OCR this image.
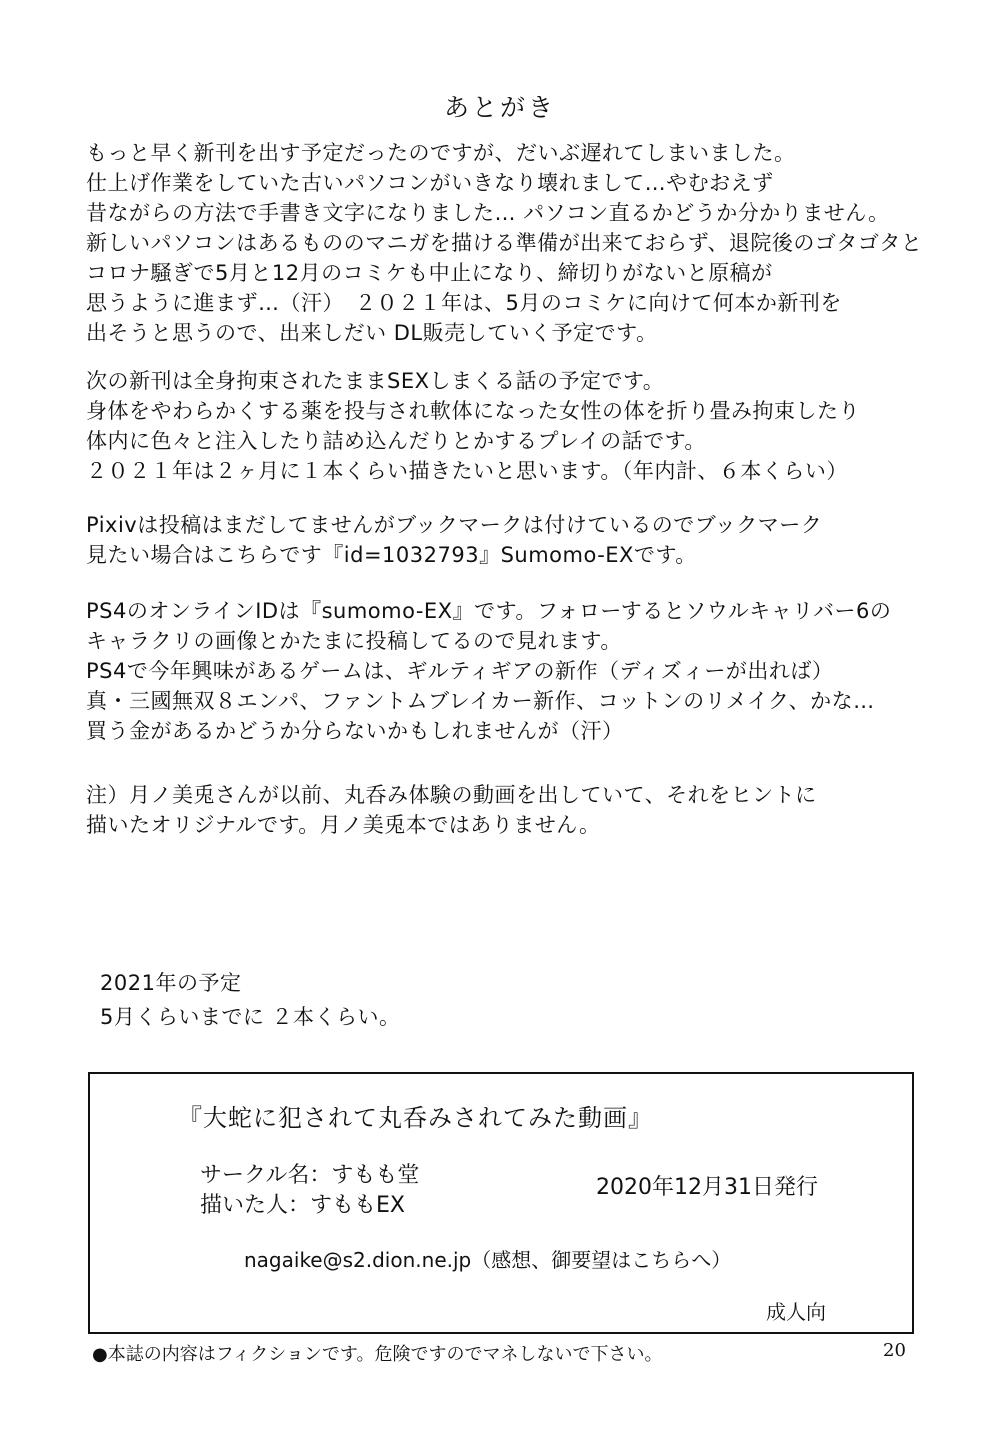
あとがき
もっと早く新刊を出す予定だったのですが、だいぶ遅れてしまいました。
仕上げ作業をしていた古いパソコンがいきなり壊れまして…やむおえず
昔ながらの方法で手書き文字になりました… パソコン直るかどうか分かりません。
新しいパソコンはあるもののマニガを描ける準備が出来ておらず、退院後のゴタゴタと
コロナ騒ぎで5月と12月のコミケも中止になり、締切りがないと原稿が
思うように進まず…（汗）　２０２１年は、5月のコミケに向けて何本か新刊を
出そうと思うので、出来しだい DL販売していく予定です。
次の新刊は全身拘束されたままSEXしまくる話の予定です。
身体をやわらかくする薬を投与され軟体になった女性の体を折り畳み拘束したり
体内に色々と注入したり詰め込んだりとかするプレイの話です。
２０２１年は２ヶ月に１本くらい描きたいと思います。（年内計、６本くらい）
Pixivは投稿はまだしてませんがブックマークは付けているのでブックマーク
見たい場合はこちらです『id=1032793』Sumomo-EXです。
PS4のオンラインIDは『sumomo-EX』です。フォローするとソウルキャリバー6の
キャラクリの画像とかたまに投稿してるので見れます。
PS4で今年興味があるゲームは、ギルティギアの新作（ディズィーが出れば）
真・三國無双８エンパ、ファントムブレイカー新作、コットンのリメイク、かな…
買う金があるかどうか分らないかもしれませんが（汗）
注）月ノ美兎さんが以前、丸呑み体験の動画を出していて、それをヒントに
描いたオリジナルです。月ノ美兎本ではありません。
2021年の予定
5月くらいまでに ２本くらい。
『大蛇に犯されて丸呑みされてみた動画』
サークル名：すもも堂
描いた人：すももEX
2020年12月31日発行
nagaike@s2.dion.ne.jp（感想、御要望はこちらへ）
成人向
●本誌の内容はフィクションです。危険ですのでマネしないで下さい。	20
